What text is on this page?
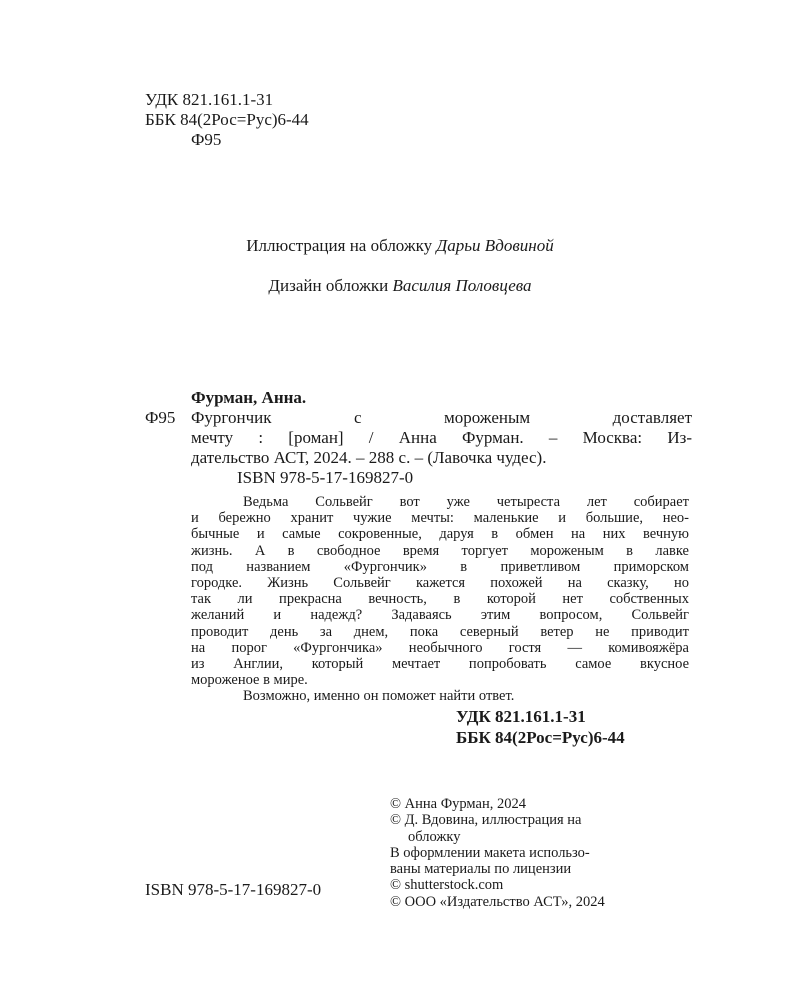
УДК 821.161.1-31
ББК 84(2Рос=Рус)6-44
Ф95
Иллюстрация на обложку Дарьи Вдовиной
Дизайн обложки Василия Половцева
Фурман, Анна.
Ф95 Фургончик	с	мороженым	доставляет
мечту : [роман] / Анна Фурман. – Москва: Из-
дательство АСТ, 2024. – 288 с. – (Лавочка чудес).
ISBN 978-5-17-169827-0
Ведьма Сольвейг вот уже четыреста лет собирает
и бережно хранит чужие мечты: маленькие и большие, нео-
бычные и самые сокровенные, даруя в обмен на них вечную
жизнь. А в свободное время торгует мороженым в лавке
под названием «Фургончик» в приветливом приморском
городке. Жизнь Сольвейг кажется похожей на сказку, но
так ли прекрасна вечность, в которой нет собственных
желаний и надежд? Задаваясь этим вопросом, Сольвейг
проводит день за днем, пока северный ветер не приводит
на порог «Фургончика» необычного гостя — комивояжёра
из Англии, который мечтает попробовать самое вкусное
мороженое в мире.
Возможно, именно он поможет найти ответ.
УДК 821.161.1-31
ББК 84(2Рос=Рус)6-44
© Анна Фурман, 2024
© Д. Вдовина, иллюстрация на
обложку
В оформлении макета использо-
ваны материалы по лицензии
© shutterstock.com
© ООО «Издательство АСТ», 2024
ISBN 978-5-17-169827-0
